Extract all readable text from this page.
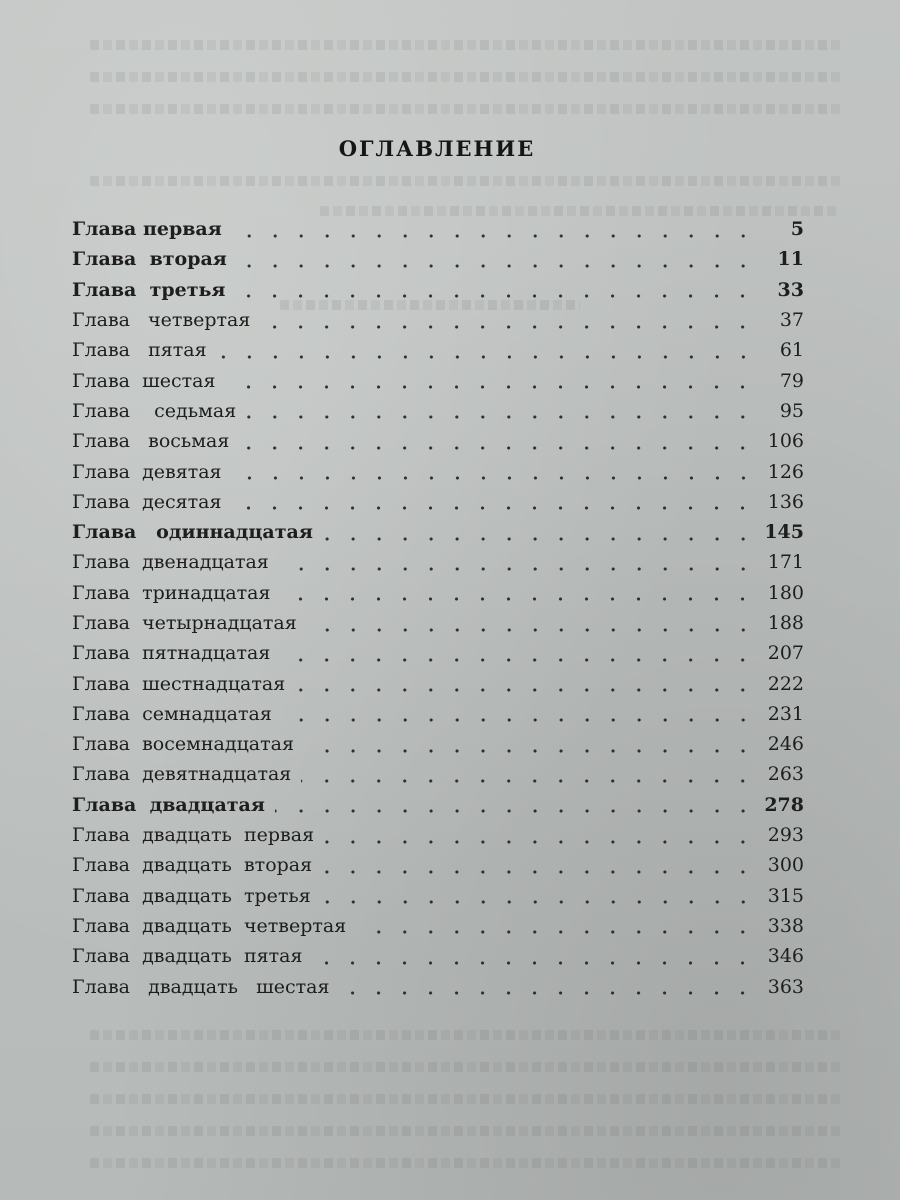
ОГЛАВЛЕНИЕ
Глава первая	5
Глава  вторая	11
Глава  третья	33
Глава   четвертая	37
Глава   пятая	61
Глава  шестая	79
Глава    седьмая	95
Глава   восьмая	106
Глава  девятая	126
Глава  десятая	136
Глава   одиннадцатая	145
Глава  двенадцатая	171
Глава  тринадцатая	180
Глава  четырнадцатая	188
Глава  пятнадцатая	207
Глава  шестнадцатая	222
Глава  семнадцатая	231
Глава  восемнадцатая	246
Глава  девятнадцатая	263
Глава  двадцатая	278
Глава  двадцать  первая	293
Глава  двадцать  вторая	300
Глава  двадцать  третья	315
Глава  двадцать  четвертая	338
Глава  двадцать  пятая	346
Глава   двадцать   шестая	363
